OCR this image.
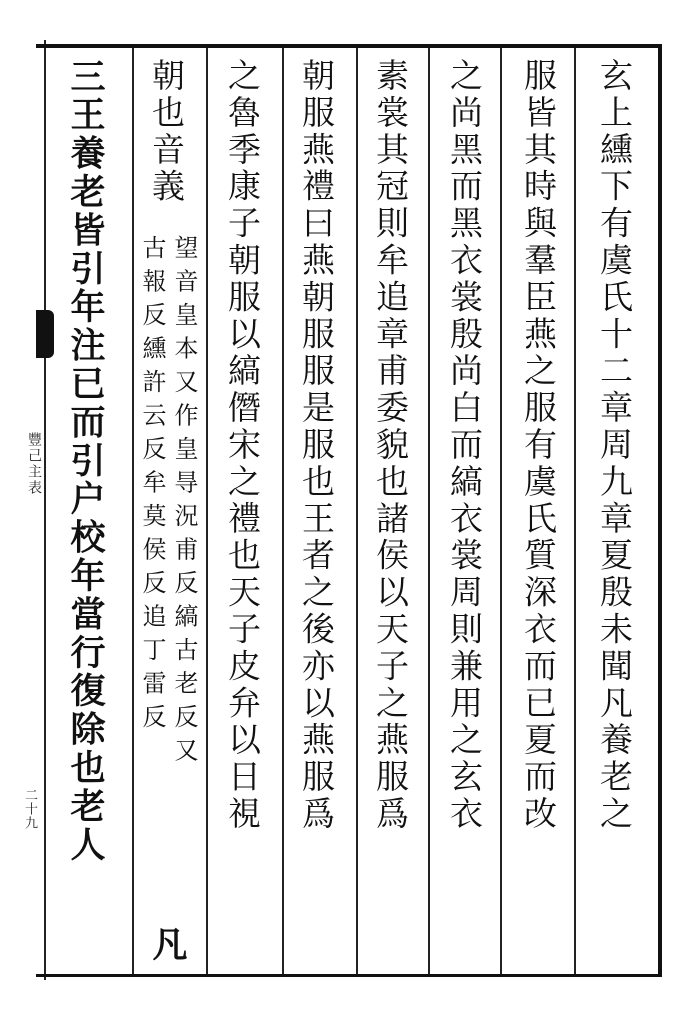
玄上纁下有虞氏十二章周九章夏殷未聞凡養老之
服皆其時與羣臣燕之服有虞氏質深衣而已夏而改
之尚黑而黑衣裳殷尚白而縞衣裳周則兼用之玄衣
素裳其冠則牟追章甫委貌也諸侯以天子之燕服爲
朝服燕禮曰燕朝服服是服也王者之後亦以燕服爲
之魯季康子朝服以縞僭宋之禮也天子皮弁以日視
朝也音義
望音皇本又作皇㝵況甫反縞古老反又
古報反纁許云反牟莫侯反追丁雷反
凡
三王養老皆引年注已而引户校年當行復除也老人
豐己主表
二十九
